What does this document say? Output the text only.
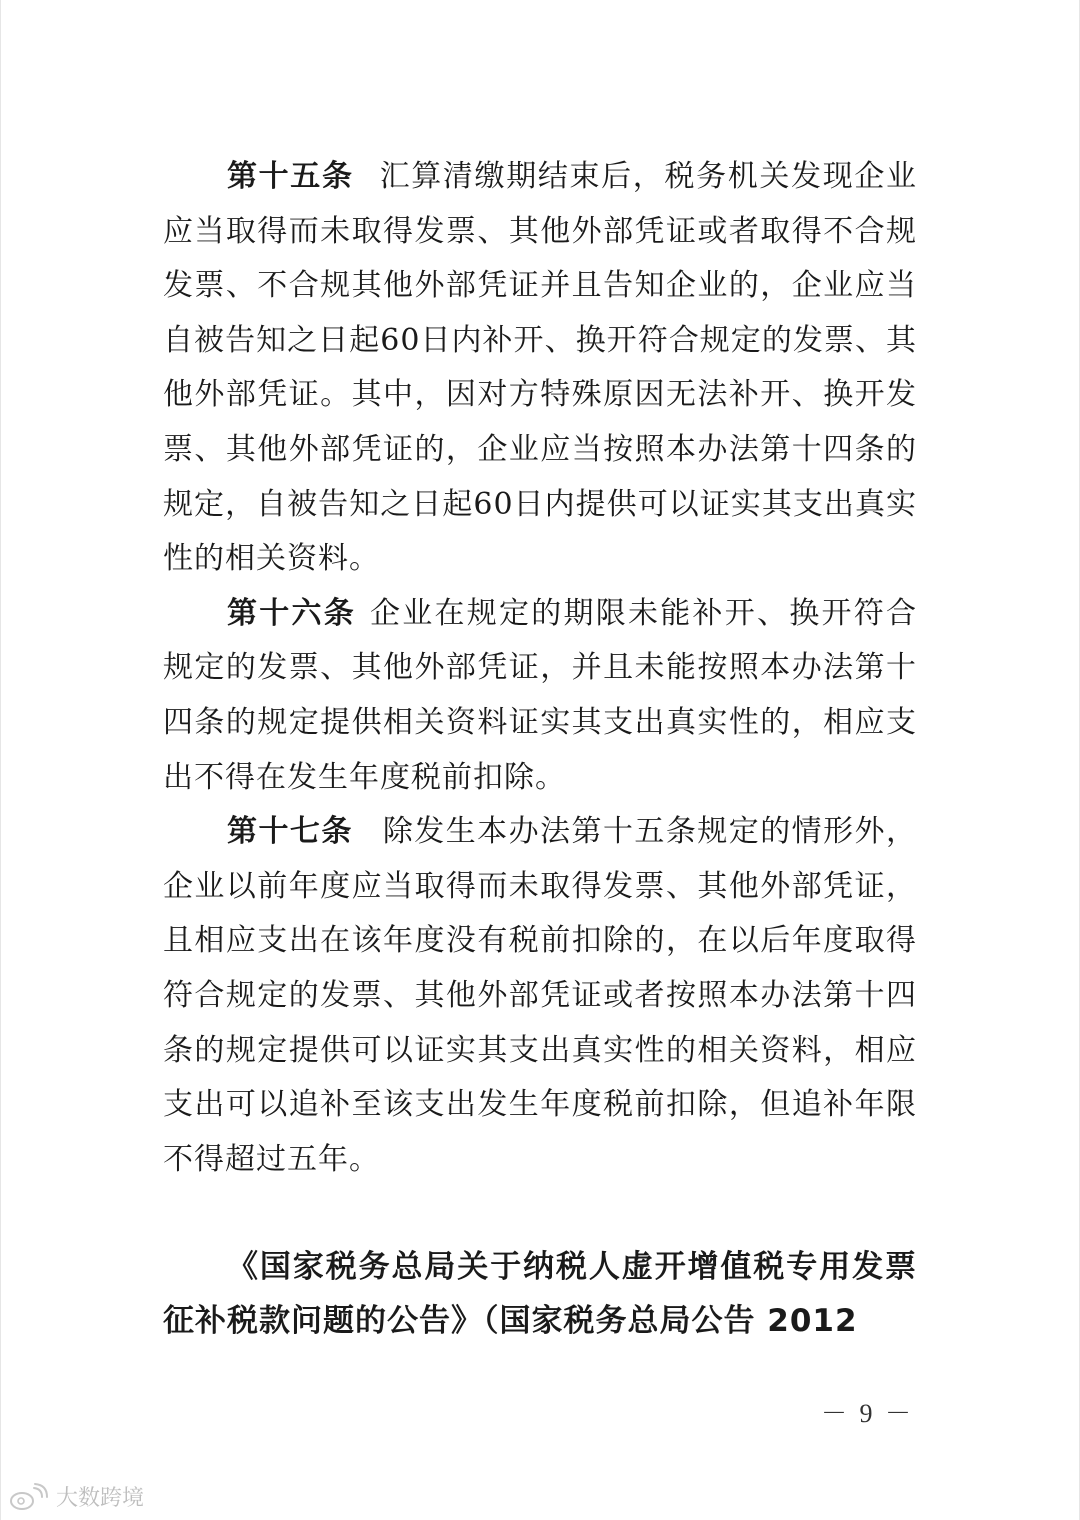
第十五条 汇算清缴期结束后，税务机关发现企业应当取得而未取得发票、其他外部凭证或者取得不合规发票、不合规其他外部凭证并且告知企业的，企业应当自被告知之日起60日内补开、换开符合规定的发票、其他外部凭证。其中，因对方特殊原因无法补开、换开发票、其他外部凭证的，企业应当按照本办法第十四条的规定，自被告知之日起60日内提供可以证实其支出真实性的相关资料。

第十六条 企业在规定的期限未能补开、换开符合规定的发票、其他外部凭证，并且未能按照本办法第十四条的规定提供相关资料证实其支出真实性的，相应支出不得在发生年度税前扣除。

第十七条 除发生本办法第十五条规定的情形外，企业以前年度应当取得而未取得发票、其他外部凭证，且相应支出在该年度没有税前扣除的，在以后年度取得符合规定的发票、其他外部凭证或者按照本办法第十四条的规定提供可以证实其支出真实性的相关资料，相应支出可以追补至该支出发生年度税前扣除，但追补年限不得超过五年。

《国家税务总局关于纳税人虚开增值税专用发票征补税款问题的公告》（国家税务总局公告 2012

－ 9 －
大数跨境
